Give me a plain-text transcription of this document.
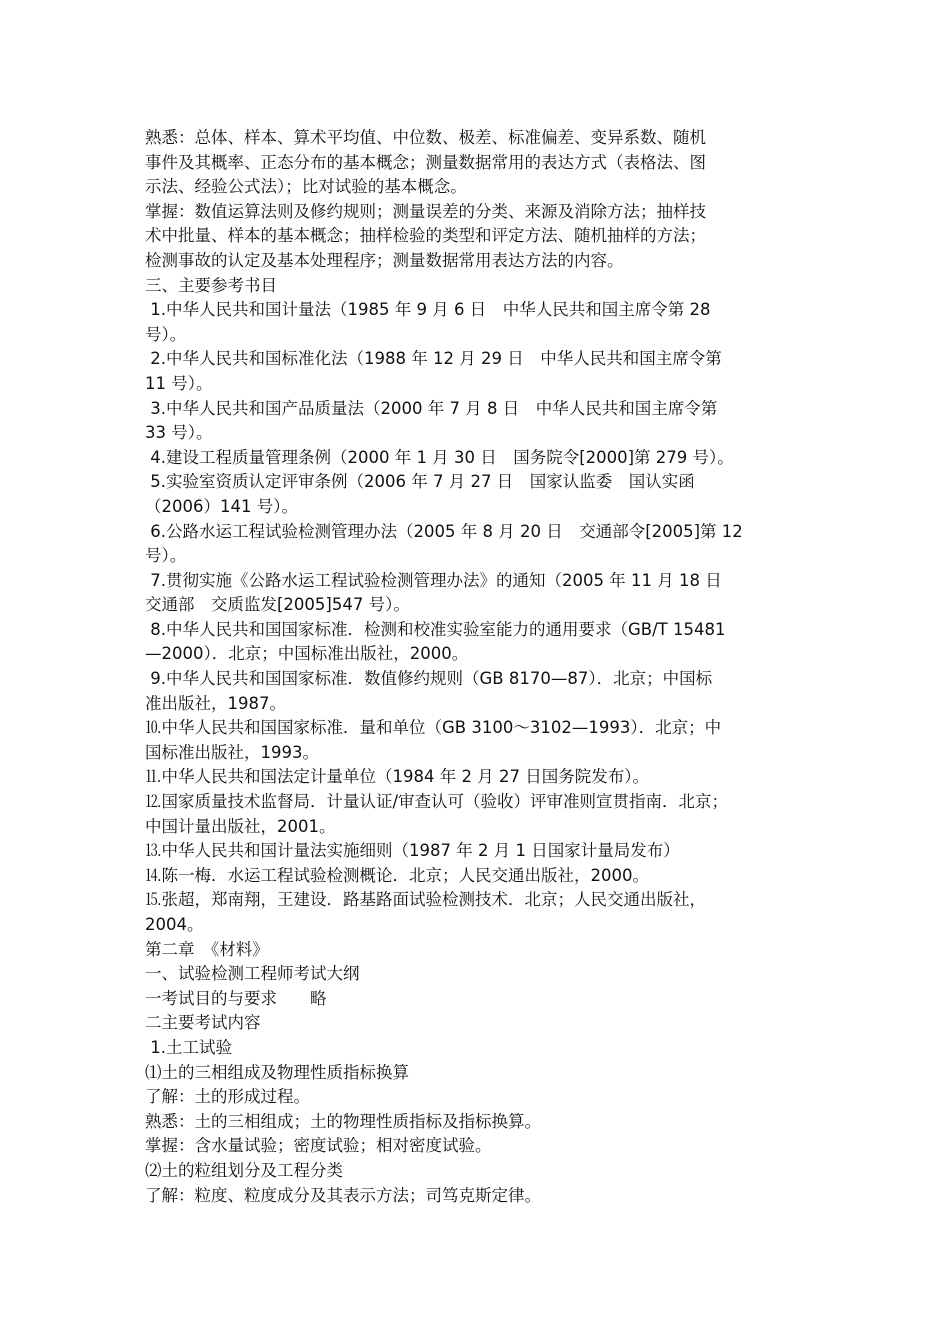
熟悉：总体、样本、算术平均值、中位数、极差、标准偏差、变异系数、随机
事件及其概率、正态分布的基本概念；测量数据常用的表达方式（表格法、图
示法、经验公式法）；比对试验的基本概念。
掌握：数值运算法则及修约规则；测量误差的分类、来源及消除方法；抽样技
术中批量、样本的基本概念；抽样检验的类型和评定方法、随机抽样的方法；
检测事故的认定及基本处理程序；测量数据常用表达方法的内容。
三、主要参考书目
1.中华人民共和国计量法（1985 年 9 月 6 日　中华人民共和国主席令第 28
号）。
2.中华人民共和国标准化法（1988 年 12 月 29 日　中华人民共和国主席令第
11 号）。
3.中华人民共和国产品质量法（2000 年 7 月 8 日　中华人民共和国主席令第
33 号）。
4.建设工程质量管理条例（2000 年 1 月 30 日　国务院令[2000]第 279 号）。
5.实验室资质认定评审条例（2006 年 7 月 27 日　国家认监委　国认实函
（2006）141 号）。
6.公路水运工程试验检测管理办法（2005 年 8 月 20 日　交通部令[2005]第 12
号）。
7.贯彻实施《公路水运工程试验检测管理办法》的通知（2005 年 11 月 18 日
交通部　交质监发[2005]547 号）。
8.中华人民共和国国家标准．检测和校准实验室能力的通用要求（GB/T 15481
—2000）．北京；中国标准出版社，2000。
9.中华人民共和国国家标准．数值修约规则（GB 8170—87）．北京；中国标
准出版社，1987。
⒑中华人民共和国国家标准．量和单位（GB 3100～3102—1993）．北京；中
国标准出版社，1993。
⒒中华人民共和国法定计量单位（1984 年 2 月 27 日国务院发布）。
⒓国家质量技术监督局．计量认证/审查认可（验收）评审准则宣贯指南．北京；
中国计量出版社，2001。
⒔中华人民共和国计量法实施细则（1987 年 2 月 1 日国家计量局发布）
⒕陈一梅．水运工程试验检测概论．北京；人民交通出版社，2000。
⒖张超，郑南翔，王建设．路基路面试验检测技术．北京；人民交通出版社，
2004。
第二章　《材料》
一、试验检测工程师考试大纲
一考试目的与要求　　略
二主要考试内容
1.土工试验
⑴土的三相组成及物理性质指标换算
了解：土的形成过程。
熟悉：土的三相组成；土的物理性质指标及指标换算。
掌握：含水量试验；密度试验；相对密度试验。
⑵土的粒组划分及工程分类
了解：粒度、粒度成分及其表示方法；司笃克斯定律。
